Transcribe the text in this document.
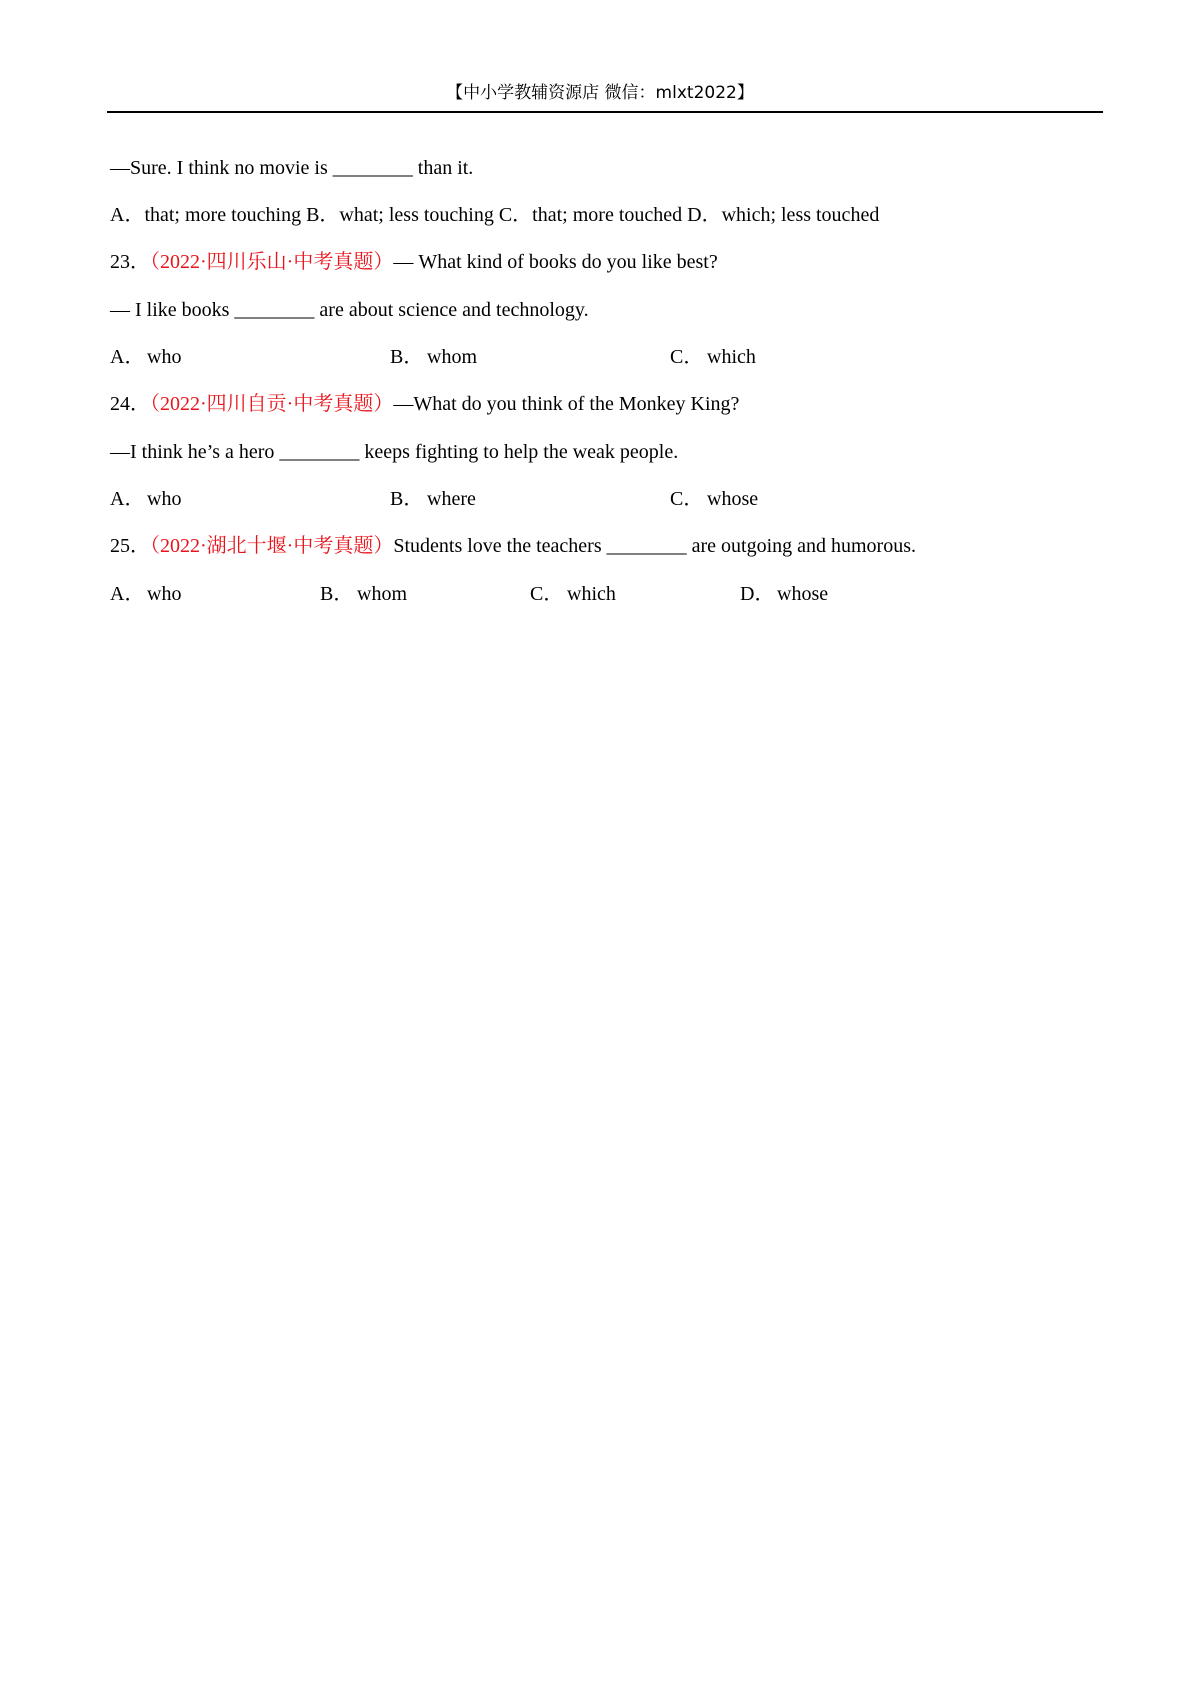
【中小学教辅资源店 微信：mlxt2022】
—Sure. I think no movie is ________ than it.
A．that; more touching B．what; less touching C．that; more touched D．which; less touched
23．（2022·四川乐山·中考真题）— What kind of books do you like best?
— I like books ________ are about science and technology.
A． who	B． whom	C． which
24．（2022·四川自贡·中考真题）—What do you think of the Monkey King?
—I think he’s a hero ________ keeps fighting to help the weak people.
A． who	B． where	C． whose
25．（2022·湖北十堰·中考真题）Students love the teachers ________ are outgoing and humorous.
A． who	B． whom	C． which	D． whose
